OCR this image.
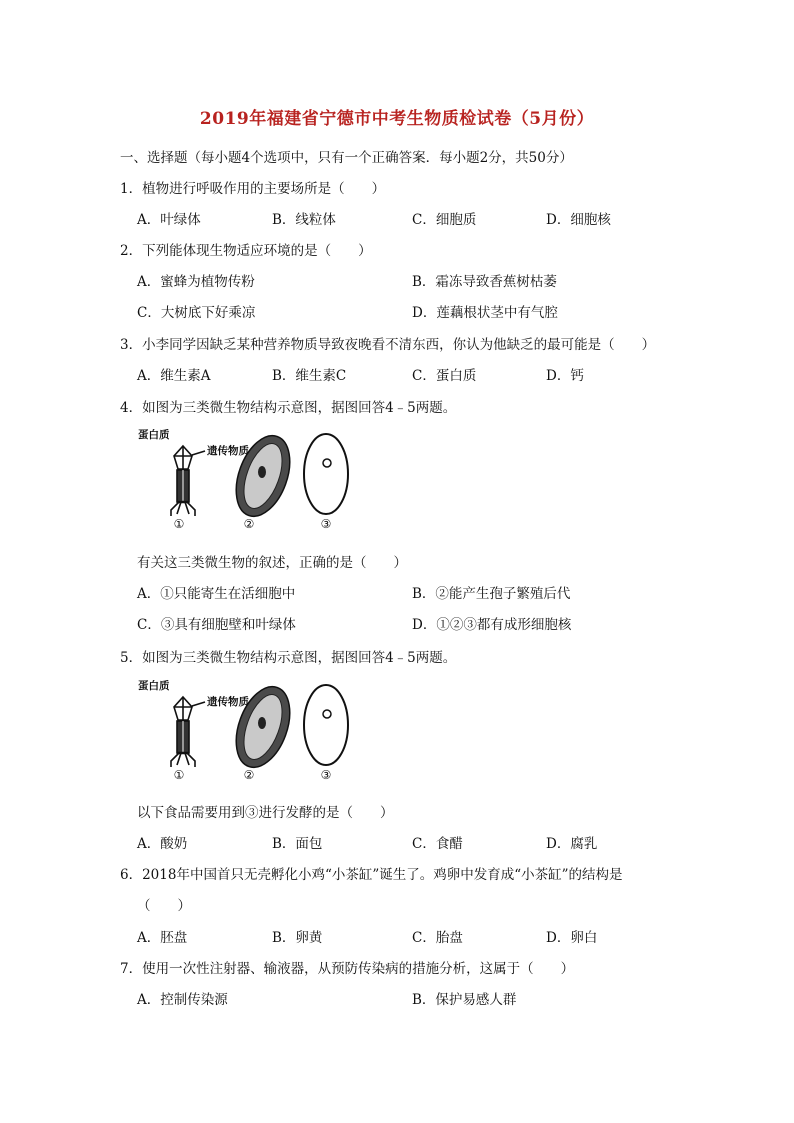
2019年福建省宁德市中考生物质检试卷（5月份）
一、选择题（每小题4个选项中，只有一个正确答案．每小题2分，共50分）
1．植物进行呼吸作用的主要场所是（　　）
A．叶绿体	B．线粒体	C．细胞质	D．细胞核
2．下列能体现生物适应环境的是（　　）
A．蜜蜂为植物传粉	B．霜冻导致香蕉树枯萎
C．大树底下好乘凉	D．莲藕根状茎中有气腔
3．小李同学因缺乏某种营养物质导致夜晚看不清东西，你认为他缺乏的最可能是（　　）
A．维生素A	B．维生素C	C．蛋白质	D．钙
4．如图为三类微生物结构示意图，据图回答4﹣5两题。
蛋白质
遗传物质
①	②	③
有关这三类微生物的叙述，正确的是（　　）
A．①只能寄生在活细胞中	B．②能产生孢子繁殖后代
C．③具有细胞壁和叶绿体	D．①②③都有成形细胞核
5．如图为三类微生物结构示意图，据图回答4﹣5两题。
蛋白质
遗传物质
①	②	③
以下食品需要用到③进行发酵的是（　　）
A．酸奶	B．面包	C．食醋	D．腐乳
6．2018年中国首只无壳孵化小鸡“小茶缸”诞生了。鸡卵中发育成“小茶缸”的结构是
（　　）
A．胚盘	B．卵黄	C．胎盘	D．卵白
7．使用一次性注射器、输液器，从预防传染病的措施分析，这属于（　　）
A．控制传染源	B．保护易感人群
